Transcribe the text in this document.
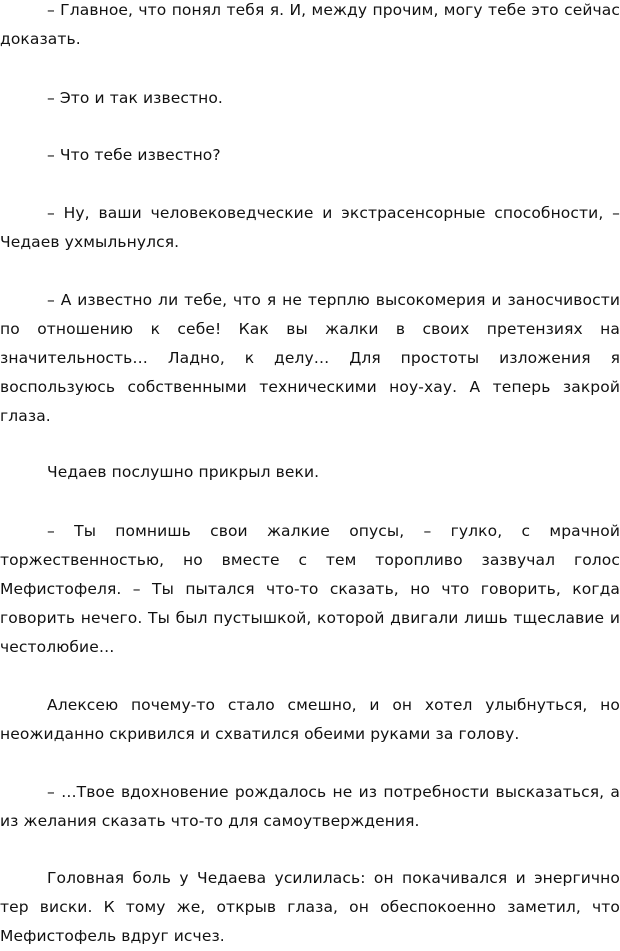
– Главное, что понял тебя я. И, между прочим, могу тебе это сейчас доказать.

– Это и так известно.

– Что тебе известно?

– Ну, ваши человековедческие и экстрасенсорные способности, – Чедаев ухмыльнулся.

– А известно ли тебе, что я не терплю высокомерия и заносчивости по отношению к себе! Как вы жалки в своих претензиях на значительность… Ладно, к делу… Для простоты изложения я воспользуюсь собственными техническими ноу-хау. А теперь закрой глаза.

Чедаев послушно прикрыл веки.

– Ты помнишь свои жалкие опусы, – гулко, с мрачной торжественностью, но вместе с тем торопливо зазвучал голос Мефистофеля. – Ты пытался что-то сказать, но что говорить, когда говорить нечего. Ты был пустышкой, которой двигали лишь тщеславие и честолюбие…

Алексею почему-то стало смешно, и он хотел улыбнуться, но неожиданно скривился и схватился обеими руками за голову.

– …Твое вдохновение рождалось не из потребности высказаться, а из желания сказать что-то для самоутверждения.

Головная боль у Чедаева усилилась: он покачивался и энергично тер виски. К тому же, открыв глаза, он обеспокоенно заметил, что Мефистофель вдруг исчез.
